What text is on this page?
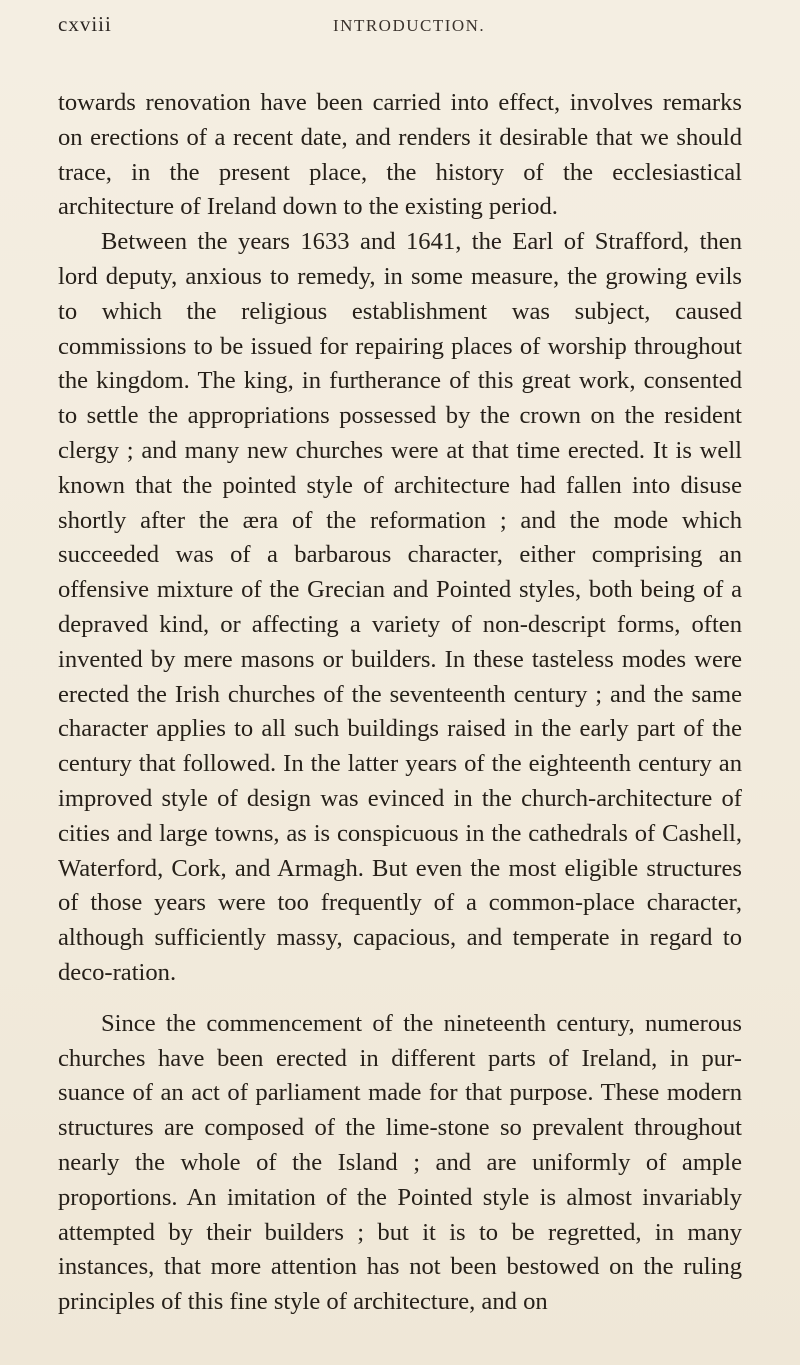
cxviii	INTRODUCTION.

towards renovation have been carried into effect, involves remarks on erections of a recent date, and renders it desirable that we should trace, in the present place, the history of the ecclesiastical architecture of Ireland down to the existing period.

Between the years 1633 and 1641, the Earl of Strafford, then lord deputy, anxious to remedy, in some measure, the growing evils to which the religious establishment was subject, caused commissions to be issued for repairing places of worship throughout the kingdom. The king, in furtherance of this great work, consented to settle the appropriations possessed by the crown on the resident clergy ; and many new churches were at that time erected. It is well known that the pointed style of architecture had fallen into disuse shortly after the æra of the reformation ; and the mode which succeeded was of a barbarous character, either comprising an offensive mixture of the Grecian and Pointed styles, both being of a depraved kind, or affecting a variety of non-descript forms, often invented by mere masons or builders. In these tasteless modes were erected the Irish churches of the seventeenth century ; and the same character applies to all such buildings raised in the early part of the century that followed. In the latter years of the eighteenth century an improved style of design was evinced in the church-architecture of cities and large towns, as is conspicuous in the cathedrals of Cashell, Waterford, Cork, and Armagh. But even the most eligible structures of those years were too frequently of a common-place character, although sufficiently massy, capacious, and temperate in regard to deco-ration.

Since the commencement of the nineteenth century, numerous churches have been erected in different parts of Ireland, in pur-suance of an act of parliament made for that purpose. These modern structures are composed of the lime-stone so prevalent throughout nearly the whole of the Island ; and are uniformly of ample proportions. An imitation of the Pointed style is almost invariably attempted by their builders ; but it is to be regretted, in many instances, that more attention has not been bestowed on the ruling principles of this fine style of architecture, and on
